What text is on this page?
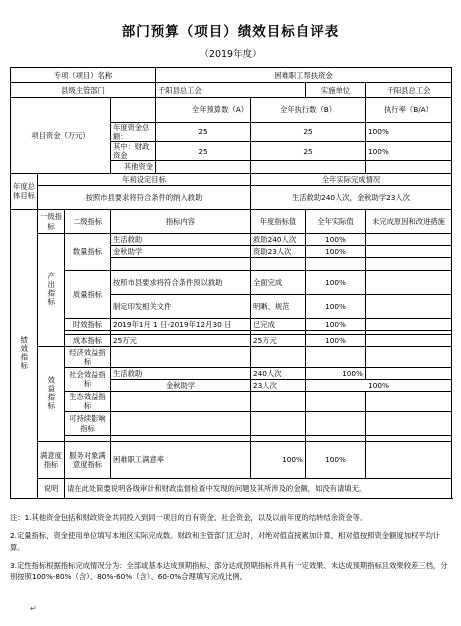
部门预算（项目）绩效目标自评表
（2019年度）
专项（项目）名称				困难职工帮扶资金			
县级主管部门				千阳县总工会		实施单位	千阳县总工会
项目资金（万元）				全年预算数（A）	全年执行数（B）		执行率（B/A）
			年度资金总额：	25	25		100%
			其中：财政资金	25	25		100%
			其他资金				
年度总体目标	年初设定目标				全年实际完成情况		
	按照市县要求将符合条件的纳入救助				生活救助240人次，金秋助学23人次		
绩效指标	一级指标	二级指标	指标内容		年度指标值	全年实际值	未完成原因和改进措施
	产出指标	数量指标	生活救助		救助240人次	100%	
			金秋助学		资助23人次	100%	

		质量指标	按照市县要求将符合条件预以救助		全面完成	100%	
			制定印发相关文件		明晰、规范	100%	
		时效指标	2019年1月 1 日-2019年12月30 日		已完成	100%	

		成本指标	25万元		25万元	100%	
	效益指标	经济效益指标					
		社会效益指标	生活救助		240人次	100%	
			金秋助学		23人次	100%	
		生态效益指标					
		可持续影响指标					

	满意度指标	服务对象满意度指标	困难职工满意率		100%	100%	
	说明	请在此处简要说明各级审计和财政监督检查中发现的问题及其所涉及的金额，如没有请填无。					

注：1.其他资金包括和财政资金共同投入到同一项目的自有资金、社会资金，以及以前年度的结转结余资金等。

2.定量指标，资金使用单位填写本地区实际完成数。财政和主管部门汇总时，对绝对值直接累加计算，相对值按照资金额度加权平均计算。

3.定性指标根据指标完成情况分为：全部或基本达成预期指标、部分达成预期指标并具有一定效果、未达成预期指标且效果较差三档，分别按照100%-80%（含）、80%-60%（含）、60-0%合理填写完成比例。

↵
